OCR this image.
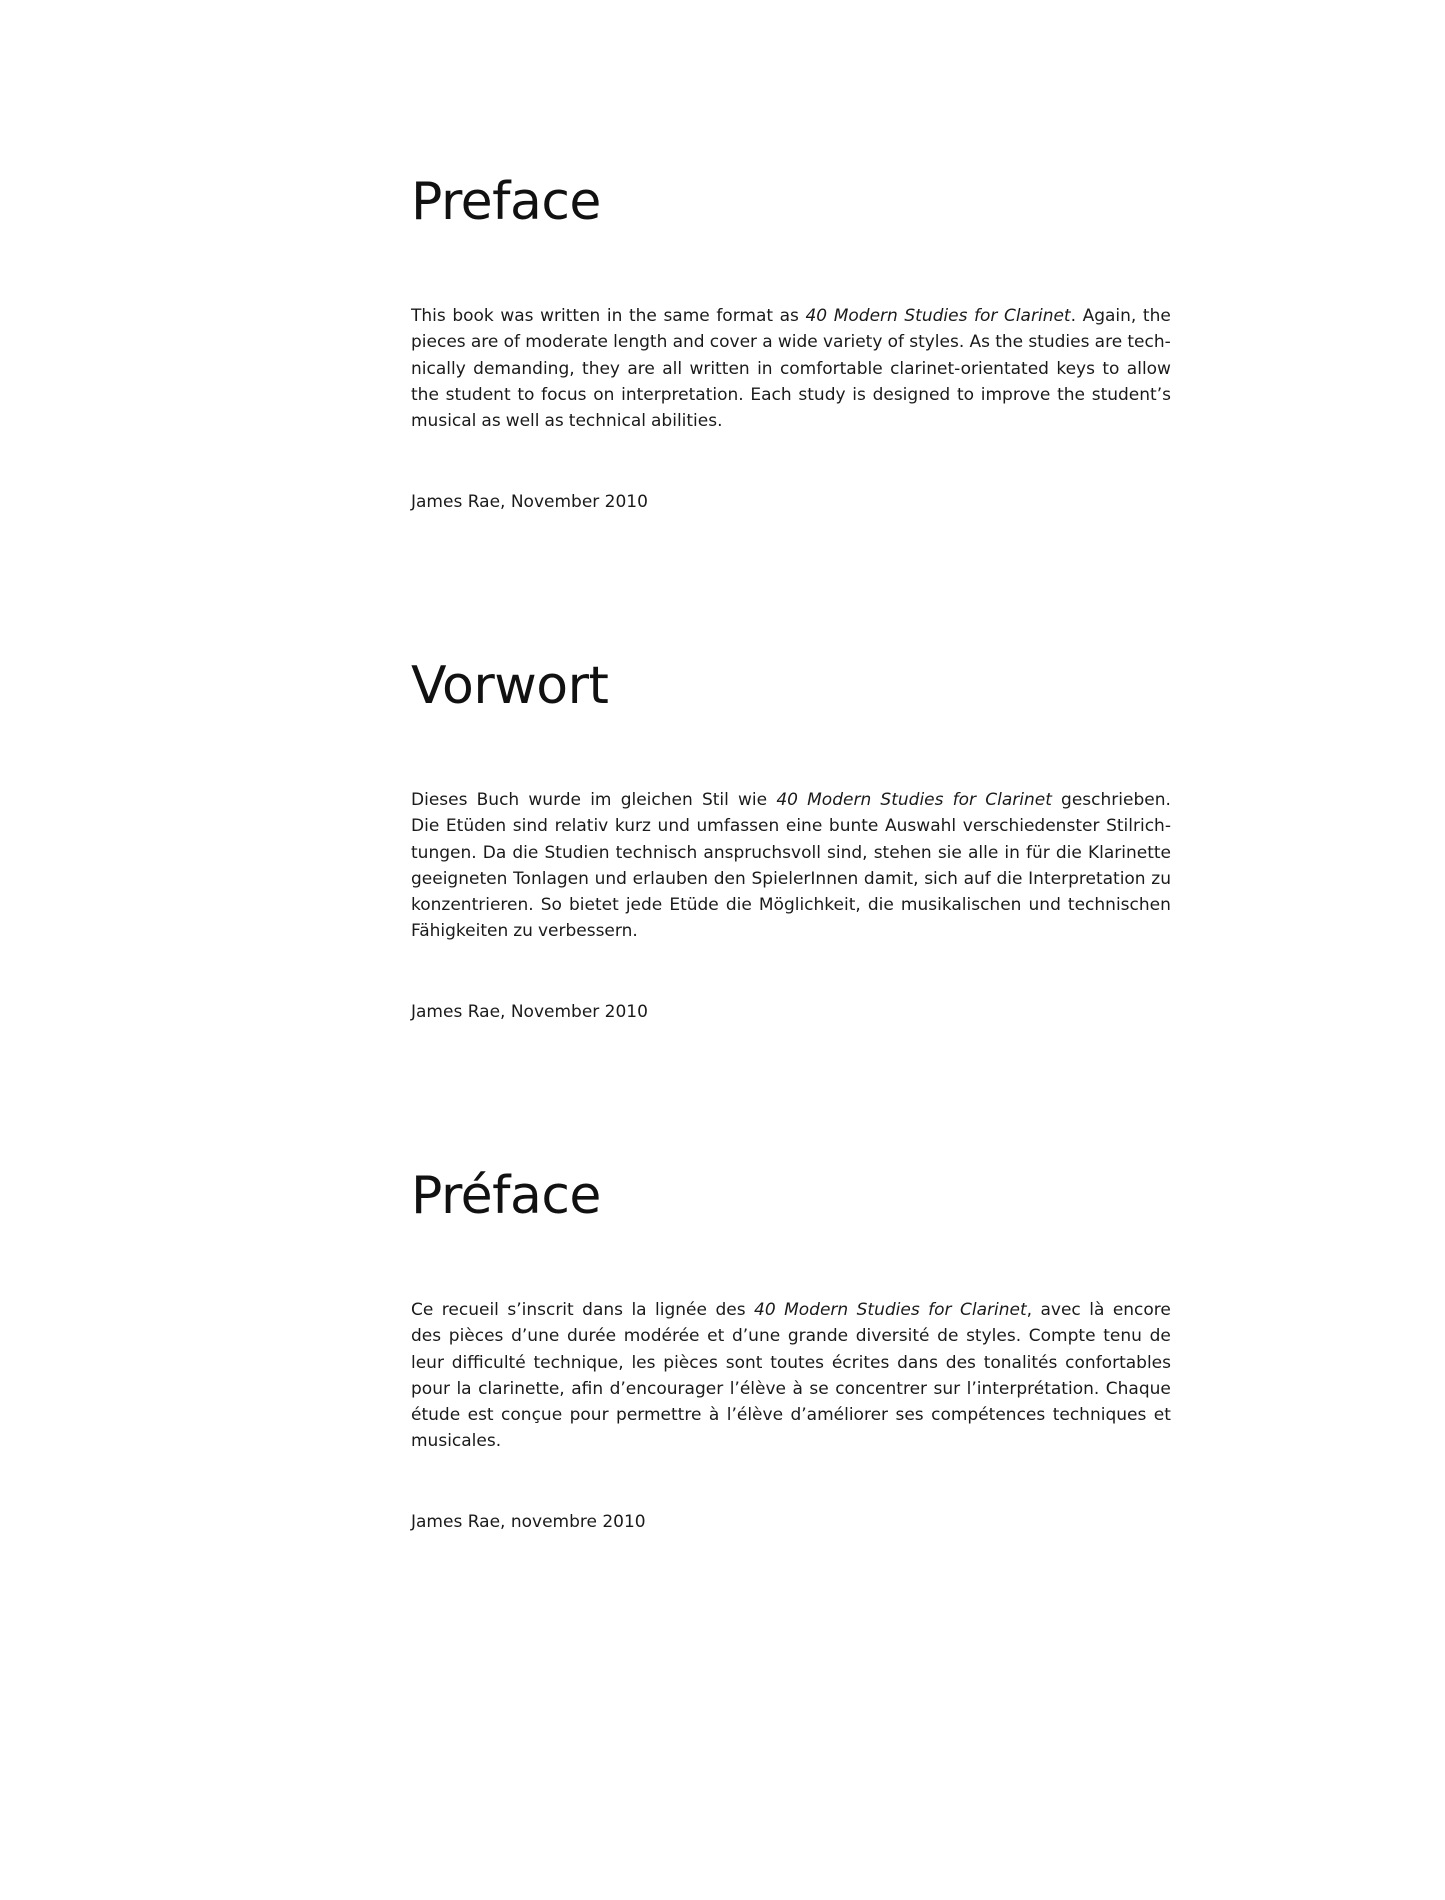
Preface
This book was written in the same format as 40 Modern Studies for Clarinet. Again, the
pieces are of moderate length and cover a wide variety of styles. As the studies are tech-
nically demanding, they are all written in comfortable clarinet-orientated keys to allow
the student to focus on interpretation. Each study is designed to improve the student’s
musical as well as technical abilities.

James Rae, November 2010

Vorwort
Dieses Buch wurde im gleichen Stil wie 40 Modern Studies for Clarinet geschrieben.
Die Etüden sind relativ kurz und umfassen eine bunte Auswahl verschiedenster Stilrich-
tungen. Da die Studien technisch anspruchsvoll sind, stehen sie alle in für die Klarinette
geeigneten Tonlagen und erlauben den SpielerInnen damit, sich auf die Interpretation zu
konzentrieren. So bietet jede Etüde die Möglichkeit, die musikalischen und technischen
Fähigkeiten zu verbessern.

James Rae, November 2010

Préface
Ce recueil s’inscrit dans la lignée des 40 Modern Studies for Clarinet, avec là encore
des pièces d’une durée modérée et d’une grande diversité de styles. Compte tenu de
leur difficulté technique, les pièces sont toutes écrites dans des tonalités confortables
pour la clarinette, afin d’encourager l’élève à se concentrer sur l’interprétation. Chaque
étude est conçue pour permettre à l’élève d’améliorer ses compétences techniques et
musicales.

James Rae, novembre 2010
